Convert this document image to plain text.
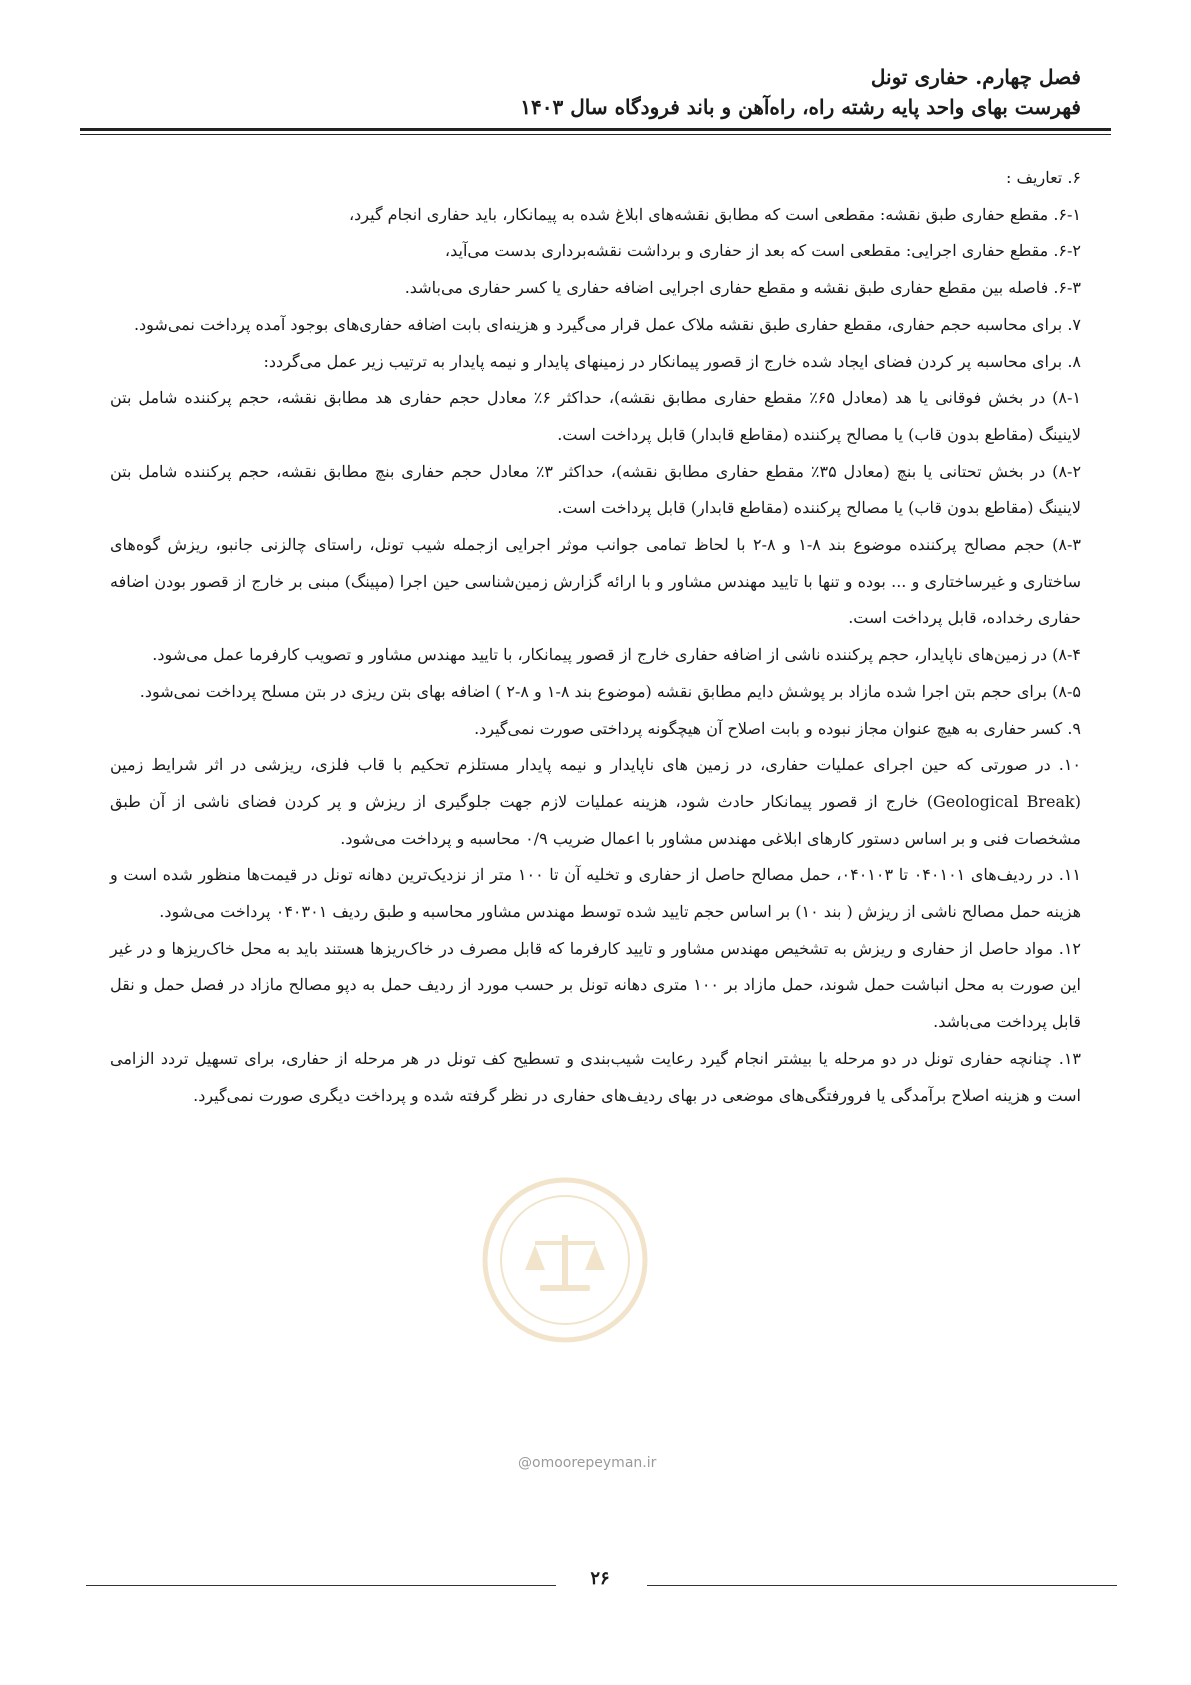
فصل چهارم. حفاری تونل
فهرست بهای واحد پایه رشته راه، راه‌آهن و باند فرودگاه سال ۱۴۰۳

۶. تعاریف :

۶-۱. مقطع حفاری طبق نقشه: مقطعی است که مطابق نقشه‌های ابلاغ شده به پیمانکار، باید حفاری انجام گیرد،

۶-۲. مقطع حفاری اجرایی: مقطعی است که بعد از حفاری و برداشت نقشه‌برداری بدست می‌آید،

۶-۳. فاصله بین مقطع حفاری طبق نقشه و مقطع حفاری اجرایی اضافه حفاری یا کسر حفاری می‌باشد.

۷. برای محاسبه حجم حفاری، مقطع حفاری طبق نقشه ملاک عمل قرار می‌گیرد و هزینه‌ای بابت اضافه حفاری‌های بوجود آمده پرداخت نمی‌شود.

۸. برای محاسبه پر کردن فضای ایجاد شده خارج از قصور پیمانکار در زمینهای پایدار و نیمه پایدار به ترتیب زیر عمل می‌گردد:

۸-۱) در بخش فوقانی یا هد (معادل ۶۵٪ مقطع حفاری مطابق نقشه)، حداکثر ۶٪ معادل حجم حفاری هد مطابق نقشه، حجم پرکننده شامل بتن لاینینگ (مقاطع بدون قاب) یا مصالح پرکننده (مقاطع قابدار) قابل پرداخت است.

۸-۲) در بخش تحتانی یا بنچ (معادل ۳۵٪ مقطع حفاری مطابق نقشه)، حداکثر ۳٪ معادل حجم حفاری بنچ مطابق نقشه، حجم پرکننده شامل بتن لاینینگ (مقاطع بدون قاب) یا مصالح پرکننده (مقاطع قابدار) قابل پرداخت است.

۸-۳) حجم مصالح پرکننده موضوع بند ۸-۱ و ۸-۲ با لحاظ تمامی جوانب موثر اجرایی ازجمله شیب تونل، راستای چالزنی جانبو، ریزش گوه‌های ساختاری و غیرساختاری و ... بوده و تنها با تایید مهندس مشاور و با ارائه گزارش زمین‌شناسی حین اجرا (مپینگ) مبنی بر خارج از قصور بودن اضافه حفاری رخداده، قابل پرداخت است.

۸-۴) در زمین‌های ناپایدار، حجم پرکننده ناشی از اضافه حفاری خارج از قصور پیمانکار، با تایید مهندس مشاور و تصویب کارفرما عمل می‌شود.

۸-۵) برای حجم بتن اجرا شده مازاد بر پوشش دایم مطابق نقشه (موضوع بند ۸-۱ و ۸-۲ ) اضافه بهای بتن ریزی در بتن مسلح پرداخت نمی‌شود.

۹. کسر حفاری به هیچ عنوان مجاز نبوده و بابت اصلاح آن هیچگونه پرداختی صورت نمی‌گیرد.

۱۰. در صورتی که حین اجرای عملیات حفاری، در زمین های ناپایدار و نیمه پایدار مستلزم تحکیم با قاب فلزی، ریزشی در اثر شرایط زمین (Geological Break) خارج از قصور پیمانکار حادث شود، هزینه عملیات لازم جهت جلوگیری از ریزش و پر کردن فضای ناشی از آن طبق مشخصات فنی و بر اساس دستور کارهای ابلاغی مهندس مشاور با اعمال ضریب ۰/۹ محاسبه و پرداخت می‌شود.

۱۱. در ردیف‌های ۰۴۰۱۰۱ تا ۰۴۰۱۰۳، حمل مصالح حاصل از حفاری و تخلیه آن تا ۱۰۰ متر از نزدیک‌ترین دهانه تونل در قیمت‌ها منظور شده است و هزینه حمل مصالح ناشی از ریزش ( بند ۱۰) بر اساس حجم تایید شده توسط مهندس مشاور محاسبه و طبق ردیف ۰۴۰۳۰۱ پرداخت می‌شود.

۱۲. مواد حاصل از حفاری و ریزش به تشخیص مهندس مشاور و تایید کارفرما که قابل مصرف در خاک‌ریزها هستند باید به محل خاک‌ریزها و در غیر این صورت به محل انباشت حمل شوند، حمل مازاد بر ۱۰۰ متری دهانه تونل بر حسب مورد از ردیف حمل به دپو مصالح مازاد در فصل حمل و نقل قابل پرداخت می‌باشد.

۱۳. چنانچه حفاری تونل در دو مرحله یا بیشتر انجام گیرد رعایت شیب‌بندی و تسطیح کف تونل در هر مرحله از حفاری، برای تسهیل تردد الزامی است و هزینه اصلاح برآمدگی یا فرورفتگی‌های موضعی در بهای ردیف‌های حفاری در نظر گرفته شده و پرداخت دیگری صورت نمی‌گیرد.

@omoorepeyman.ir
۲۶
